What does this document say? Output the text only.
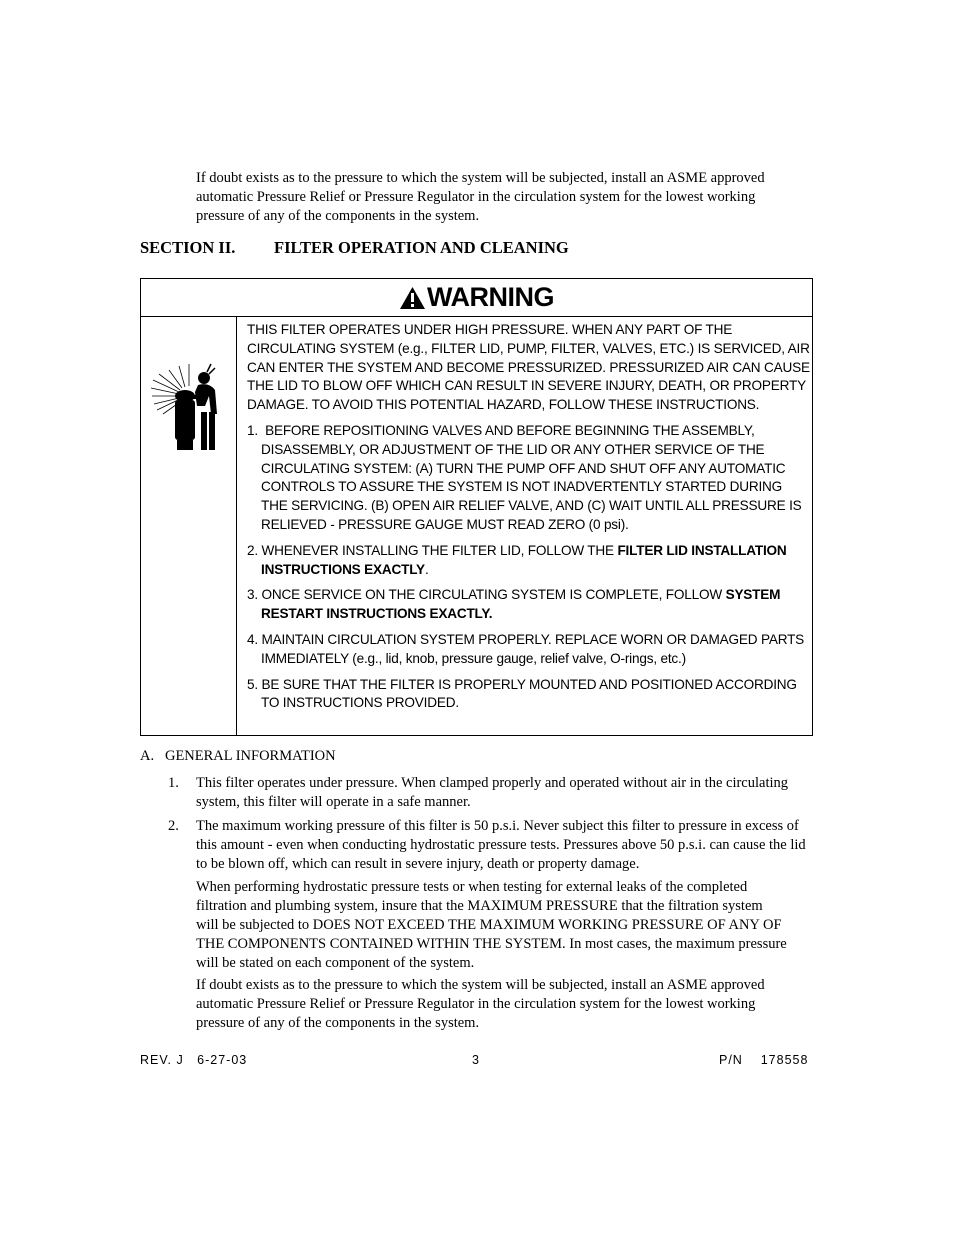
If doubt exists as to the pressure to which the system will be subjected, install an ASME approved automatic Pressure Relief or Pressure Regulator in the circulation system for the lowest working pressure of any of the components in the system.
SECTION II. FILTER OPERATION AND CLEANING
WARNING

THIS FILTER OPERATES UNDER HIGH PRESSURE. WHEN ANY PART OF THE CIRCULATING SYSTEM (e.g., FILTER LID, PUMP, FILTER, VALVES, ETC.) IS SERVICED, AIR CAN ENTER THE SYSTEM AND BECOME PRESSURIZED. PRESSURIZED AIR CAN CAUSE THE LID TO BLOW OFF WHICH CAN RESULT IN SEVERE INJURY, DEATH, OR PROPERTY DAMAGE. TO AVOID THIS POTENTIAL HAZARD, FOLLOW THESE INSTRUCTIONS.

1. BEFORE REPOSITIONING VALVES AND BEFORE BEGINNING THE ASSEMBLY, DISASSEMBLY, OR ADJUSTMENT OF THE LID OR ANY OTHER SERVICE OF THE CIRCULATING SYSTEM: (A) TURN THE PUMP OFF AND SHUT OFF ANY AUTOMATIC CONTROLS TO ASSURE THE SYSTEM IS NOT INADVERTENTLY STARTED DURING THE SERVICING. (B) OPEN AIR RELIEF VALVE, AND (C) WAIT UNTIL ALL PRESSURE IS RELIEVED - PRESSURE GAUGE MUST READ ZERO (0 psi).

2. WHENEVER INSTALLING THE FILTER LID, FOLLOW THE FILTER LID INSTALLATION INSTRUCTIONS EXACTLY.

3. ONCE SERVICE ON THE CIRCULATING SYSTEM IS COMPLETE, FOLLOW SYSTEM RESTART INSTRUCTIONS EXACTLY.

4. MAINTAIN CIRCULATION SYSTEM PROPERLY. REPLACE WORN OR DAMAGED PARTS IMMEDIATELY (e.g., lid, knob, pressure gauge, relief valve, O-rings, etc.)

5. BE SURE THAT THE FILTER IS PROPERLY MOUNTED AND POSITIONED ACCORDING TO INSTRUCTIONS PROVIDED.

A.   GENERAL INFORMATION
1. This filter operates under pressure. When clamped properly and operated without air in the circulating system, this filter will operate in a safe manner.
2. The maximum working pressure of this filter is 50 p.s.i. Never subject this filter to pressure in excess of this amount - even when conducting hydrostatic pressure tests. Pressures above 50 p.s.i. can cause the lid to be blown off, which can result in severe injury, death or property damage.
When performing hydrostatic pressure tests or when testing for external leaks of the completed filtration and plumbing system, insure that the MAXIMUM PRESSURE that the filtration system will be subjected to DOES NOT EXCEED THE MAXIMUM WORKING PRESSURE OF ANY OF THE COMPONENTS CONTAINED WITHIN THE SYSTEM. In most cases, the maximum pressure will be stated on each component of the system.
If doubt exists as to the pressure to which the system will be subjected, install an ASME approved automatic Pressure Relief or Pressure Regulator in the circulation system for the lowest working pressure of any of the components in the system.
REV. J   6-27-03	3	P/N    178558
